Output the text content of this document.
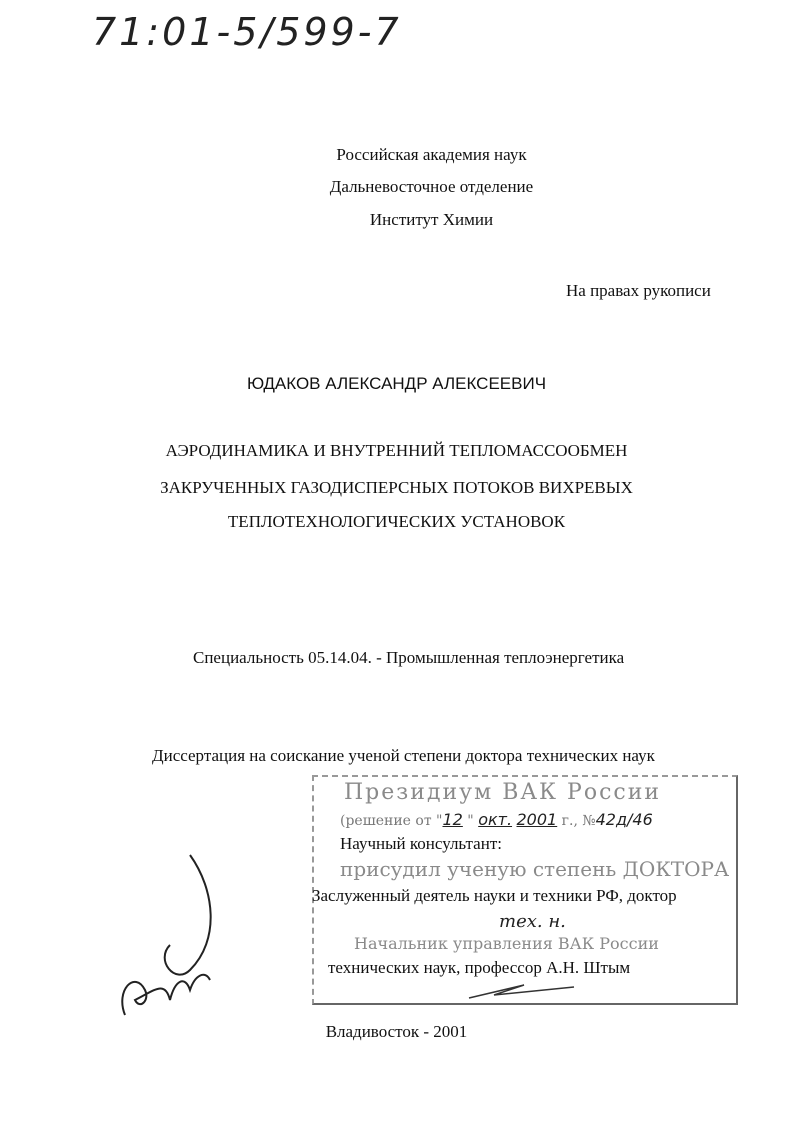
71:01-5/599-7
Российская академия наук
Дальневосточное отделение
Институт Химии
На правах рукописи
ЮДАКОВ АЛЕКСАНДР АЛЕКСЕЕВИЧ
АЭРОДИНАМИКА И ВНУТРЕННИЙ ТЕПЛОМАССООБМЕН
ЗАКРУЧЕННЫХ ГАЗОДИСПЕРСНЫХ ПОТОКОВ ВИХРЕВЫХ
ТЕПЛОТЕХНОЛОГИЧЕСКИХ УСТАНОВОК
Специальность 05.14.04. - Промышленная теплоэнергетика
Диссертация на соискание ученой степени доктора технических наук
Президиум ВАК России
(решение от "12 " окт. 2001 г., №42д/46
присудил ученую степень ДОКТОРА
тех. н.
Начальник управления ВАК России
Научный консультант:
Заслуженный деятель науки и техники РФ, доктор
технических наук, профессор А.Н. Штым
Владивосток - 2001
